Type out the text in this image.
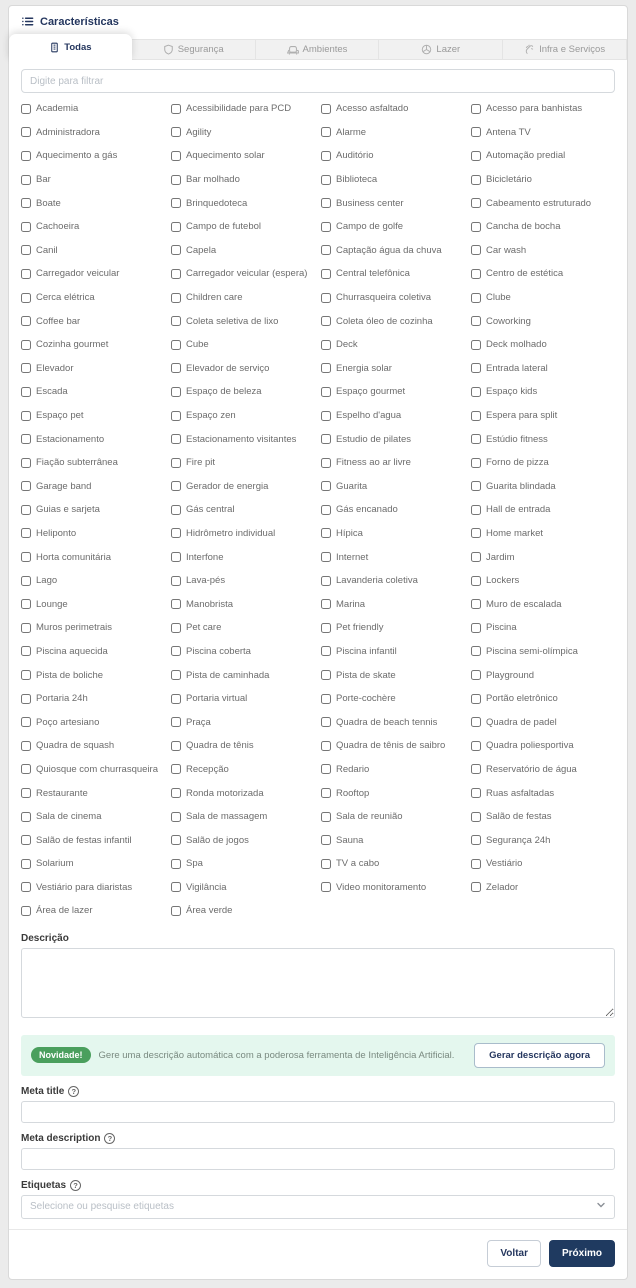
Características
Todas	Segurança	Ambientes	Lazer	Infra e Serviços
Digite para filtrar
Academia	Acessibilidade para PCD	Acesso asfaltado	Acesso para banhistas
Administradora	Agility	Alarme	Antena TV
Aquecimento a gás	Aquecimento solar	Auditório	Automação predial
Bar	Bar molhado	Biblioteca	Bicicletário
Boate	Brinquedoteca	Business center	Cabeamento estruturado
Cachoeira	Campo de futebol	Campo de golfe	Cancha de bocha
Canil	Capela	Captação água da chuva	Car wash
Carregador veicular	Carregador veicular (espera)	Central telefônica	Centro de estética
Cerca elétrica	Children care	Churrasqueira coletiva	Clube
Coffee bar	Coleta seletiva de lixo	Coleta óleo de cozinha	Coworking
Cozinha gourmet	Cube	Deck	Deck molhado
Elevador	Elevador de serviço	Energia solar	Entrada lateral
Escada	Espaço de beleza	Espaço gourmet	Espaço kids
Espaço pet	Espaço zen	Espelho d'agua	Espera para split
Estacionamento	Estacionamento visitantes	Estudio de pilates	Estúdio fitness
Fiação subterrânea	Fire pit	Fitness ao ar livre	Forno de pizza
Garage band	Gerador de energia	Guarita	Guarita blindada
Guias e sarjeta	Gás central	Gás encanado	Hall de entrada
Heliponto	Hidrômetro individual	Hípica	Home market
Horta comunitária	Interfone	Internet	Jardim
Lago	Lava-pés	Lavanderia coletiva	Lockers
Lounge	Manobrista	Marina	Muro de escalada
Muros perimetrais	Pet care	Pet friendly	Piscina
Piscina aquecida	Piscina coberta	Piscina infantil	Piscina semi-olímpica
Pista de boliche	Pista de caminhada	Pista de skate	Playground
Portaria 24h	Portaria virtual	Porte-cochère	Portão eletrônico
Poço artesiano	Praça	Quadra de beach tennis	Quadra de padel
Quadra de squash	Quadra de tênis	Quadra de tênis de saibro	Quadra poliesportiva
Quiosque com churrasqueira	Recepção	Redario	Reservatório de água
Restaurante	Ronda motorizada	Rooftop	Ruas asfaltadas
Sala de cinema	Sala de massagem	Sala de reunião	Salão de festas
Salão de festas infantil	Salão de jogos	Sauna	Segurança 24h
Solarium	Spa	TV a cabo	Vestiário
Vestiário para diaristas	Vigilância	Video monitoramento	Zelador
Área de lazer	Área verde
Descrição
Novidade!	Gere uma descrição automática com a poderosa ferramenta de Inteligência Artificial.	Gerar descrição agora
Meta title ?
Meta description ?
Etiquetas ?
Selecione ou pesquise etiquetas
Voltar	Próximo
